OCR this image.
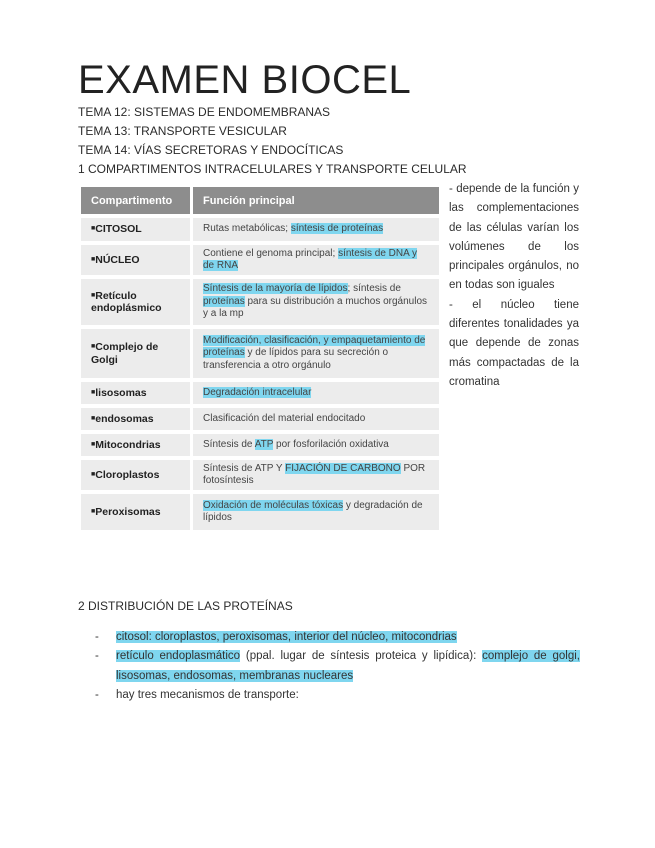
EXAMEN BIOCEL
TEMA 12: SISTEMAS DE ENDOMEMBRANAS
TEMA 13: TRANSPORTE VESICULAR
TEMA 14: VÍAS SECRETORAS Y ENDOCÍTICAS
1 COMPARTIMENTOS INTRACELULARES Y TRANSPORTE CELULAR
Compartimento	Función principal
■CITOSOL	Rutas metabólicas; síntesis de proteínas
■NÚCLEO	Contiene el genoma principal; síntesis de DNA y de RNA
■Retículo endoplásmico	Síntesis de la mayoría de lípidos; síntesis de proteínas para su distribución a muchos orgánulos y a la mp
■Complejo de Golgi	Modificación, clasificación, y empaquetamiento de proteínas y de lípidos para su secreción o transferencia a otro orgánulo
■lisosomas	Degradación intracelular
■endosomas	Clasificación del material endocitado
■Mitocondrias	Síntesis de ATP por fosforilación oxidativa
■Cloroplastos	Síntesis de ATP Y FIJACIÓN DE CARBONO POR fotosíntesis
■Peroxisomas	Oxidación de moléculas tóxicas y degradación de lípidos

- depende de la función y las complementaciones de las células varían los volúmenes de los principales orgánulos, no en todas son iguales

- el núcleo tiene diferentes tonalidades ya que depende de zonas más compactadas de la cromatina

2 DISTRIBUCIÓN DE LAS PROTEÍNAS
- citosol: cloroplastos, peroxisomas, interior del núcleo, mitocondrias
- retículo endoplasmático (ppal. lugar de síntesis proteica y lipídica): complejo de golgi, lisosomas, endosomas, membranas nucleares
- hay tres mecanismos de transporte:
